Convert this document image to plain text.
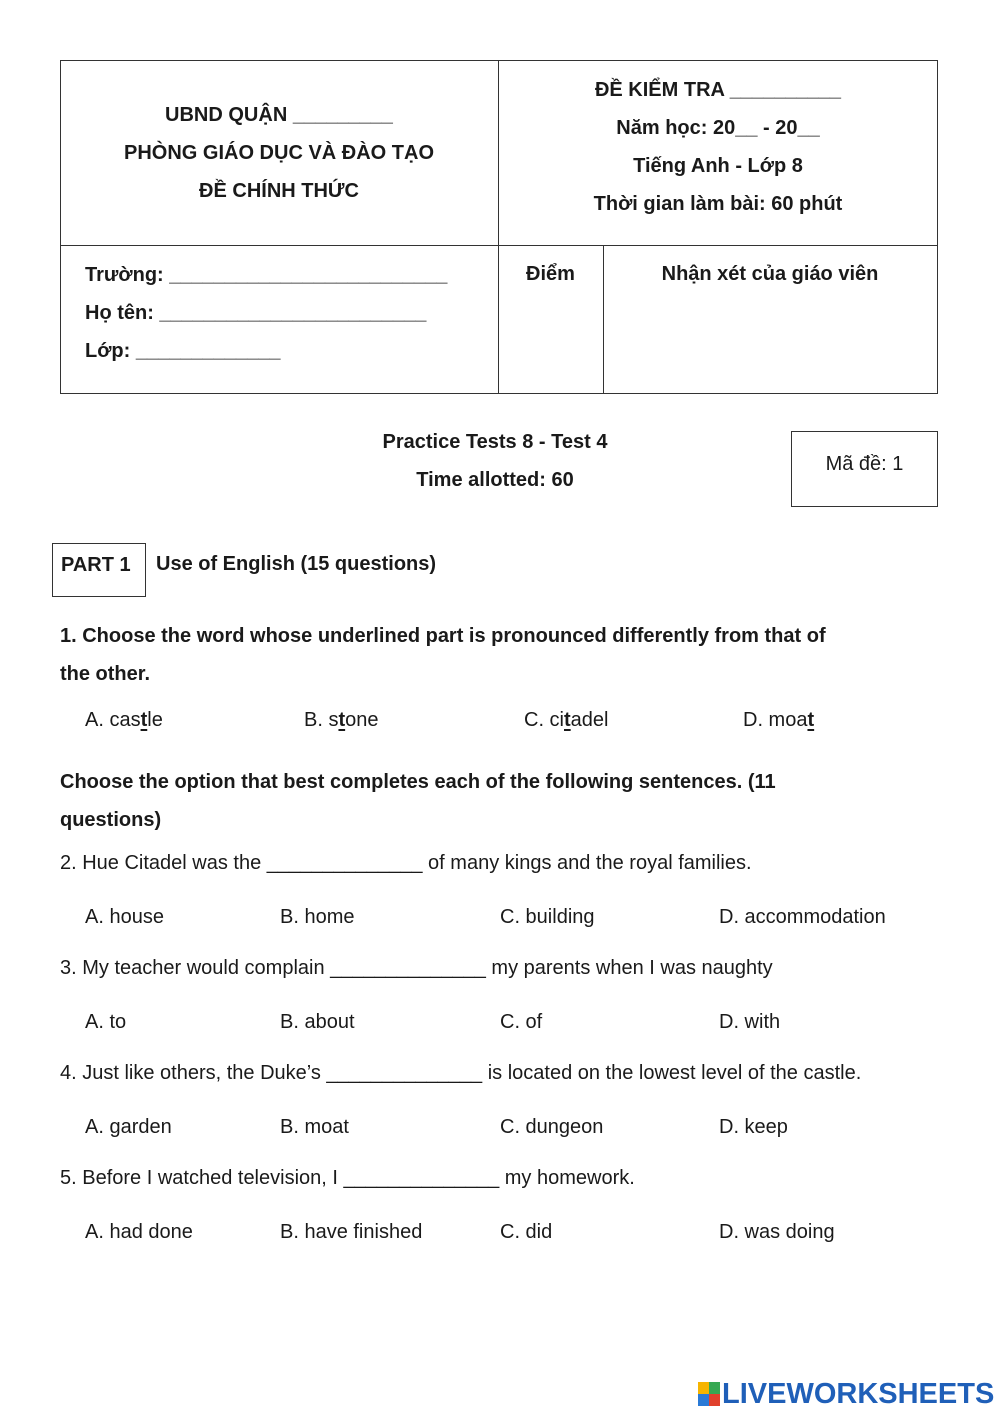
UBND QUẬN _________
PHÒNG GIÁO DỤC VÀ ĐÀO TẠO
ĐỀ CHÍNH THỨC
ĐỀ KIỂM TRA __________
Năm học: 20__ - 20__
Tiếng Anh - Lớp 8
Thời gian làm bài: 60 phút
Trường: _________________________
Họ tên: ________________________
Lớp: _____________
Điểm	Nhận xét của giáo viên
Practice Tests 8 - Test 4
Time allotted: 60
Mã đề: 1
PART 1	Use of English (15 questions)
1. Choose the word whose underlined part is pronounced differently from that of
the other.
A. castle	B. stone	C. citadel	D. moat
Choose the option that best completes each of the following sentences. (11
questions)
2. Hue Citadel was the ______________ of many kings and the royal families.
A. house	B. home	C. building	D. accommodation
3. My teacher would complain ______________ my parents when I was naughty
A. to	B. about	C. of	D. with
4. Just like others, the Duke’s ______________ is located on the lowest level of the castle.
A. garden	B. moat	C. dungeon	D. keep
5. Before I watched television, I ______________ my homework.
A. had done	B. have finished	C. did	D. was doing
LIVEWORKSHEETS
